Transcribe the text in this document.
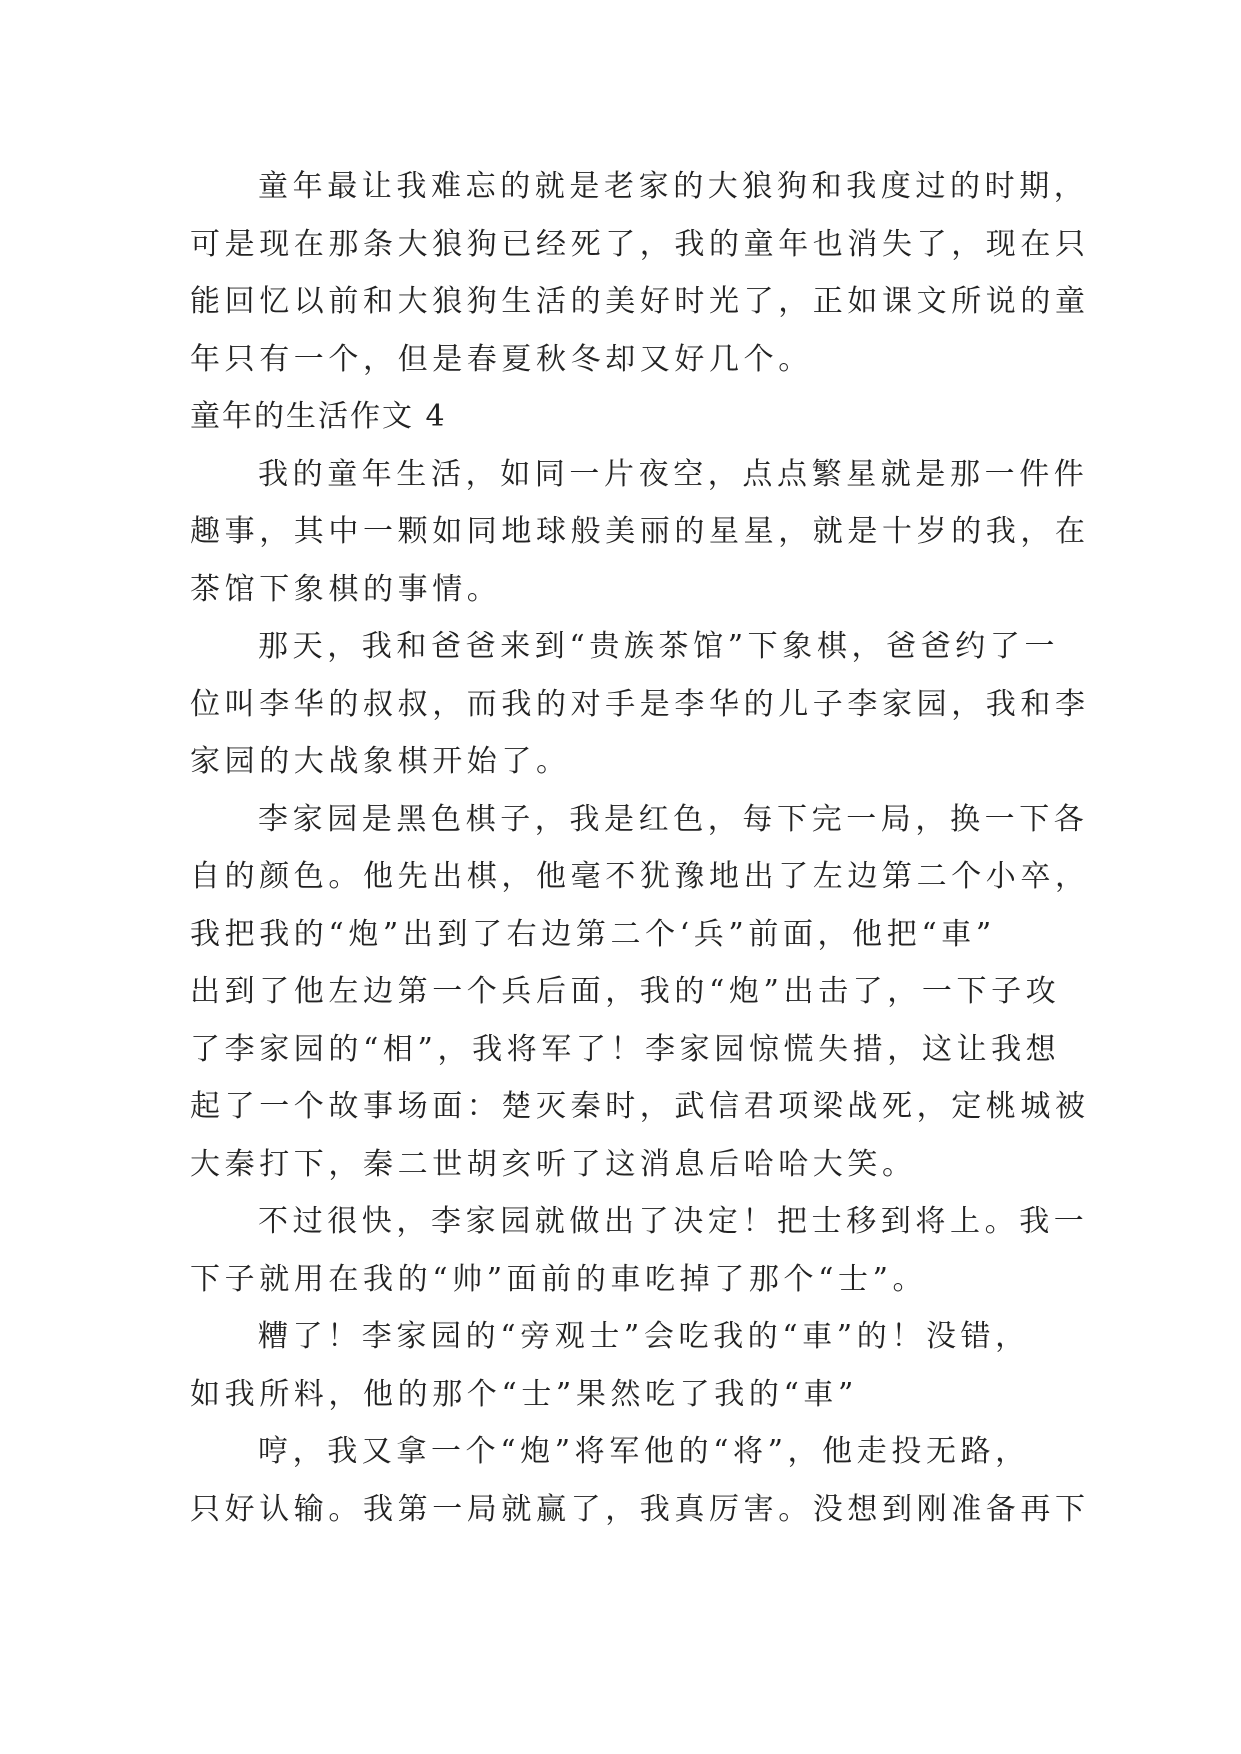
童年最让我难忘的就是老家的大狼狗和我度过的时期，
可是现在那条大狼狗已经死了，我的童年也消失了，现在只
能回忆以前和大狼狗生活的美好时光了，正如课文所说的童
年只有一个，但是春夏秋冬却又好几个。
童年的生活作文 4
我的童年生活，如同一片夜空，点点繁星就是那一件件
趣事，其中一颗如同地球般美丽的星星，就是十岁的我，在
茶馆下象棋的事情。
那天，我和爸爸来到“贵族茶馆”下象棋，爸爸约了一
位叫李华的叔叔，而我的对手是李华的儿子李家园，我和李
家园的大战象棋开始了。
李家园是黑色棋子，我是红色，每下完一局，换一下各
自的颜色。他先出棋，他毫不犹豫地出了左边第二个小卒，
我把我的“炮”出到了右边第二个‘兵”前面，他把“車”
出到了他左边第一个兵后面，我的“炮”出击了，一下子攻
了李家园的“相”，我将军了！李家园惊慌失措，这让我想
起了一个故事场面：楚灭秦时，武信君项梁战死，定桃城被
大秦打下，秦二世胡亥听了这消息后哈哈大笑。
不过很快，李家园就做出了决定！把士移到将上。我一
下子就用在我的“帅”面前的車吃掉了那个“士”。
糟了！李家园的“旁观士”会吃我的“車”的！没错，
如我所料，他的那个“士”果然吃了我的“車”
哼，我又拿一个“炮”将军他的“将”，他走投无路，
只好认输。我第一局就赢了，我真厉害。没想到刚准备再下
